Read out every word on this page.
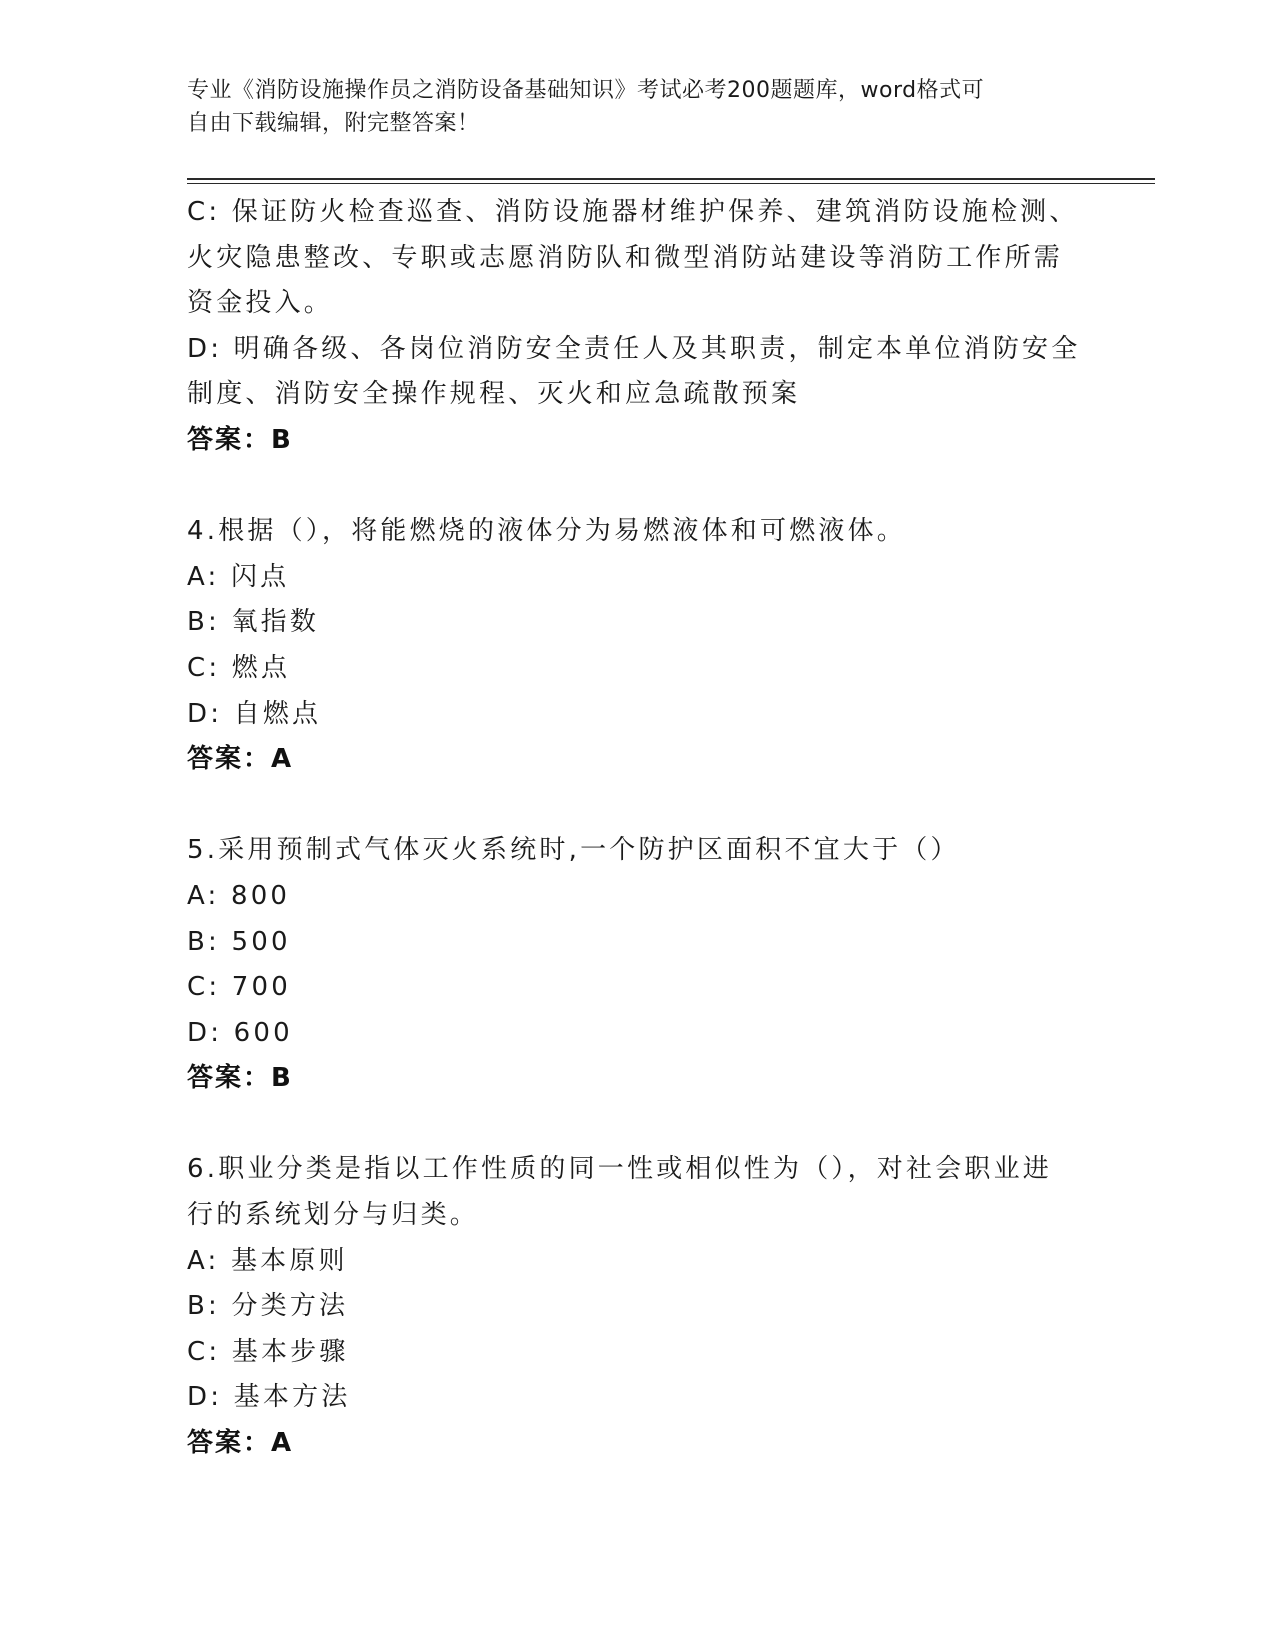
专业《消防设施操作员之消防设备基础知识》考试必考200题题库，word格式可
自由下载编辑，附完整答案！
C: 保证防火检查巡查、消防设施器材维护保养、建筑消防设施检测、
火灾隐患整改、专职或志愿消防队和微型消防站建设等消防工作所需
资金投入。
D: 明确各级、各岗位消防安全责任人及其职责，制定本单位消防安全
制度、消防安全操作规程、灭火和应急疏散预案
答案：B
4.根据（），将能燃烧的液体分为易燃液体和可燃液体。
A: 闪点
B: 氧指数
C: 燃点
D: 自燃点
答案：A
5.采用预制式气体灭火系统时,一个防护区面积不宜大于（）
A: 800
B: 500
C: 700
D: 600
答案：B
6.职业分类是指以工作性质的同一性或相似性为（），对社会职业进
行的系统划分与归类。
A: 基本原则
B: 分类方法
C: 基本步骤
D: 基本方法
答案：A
